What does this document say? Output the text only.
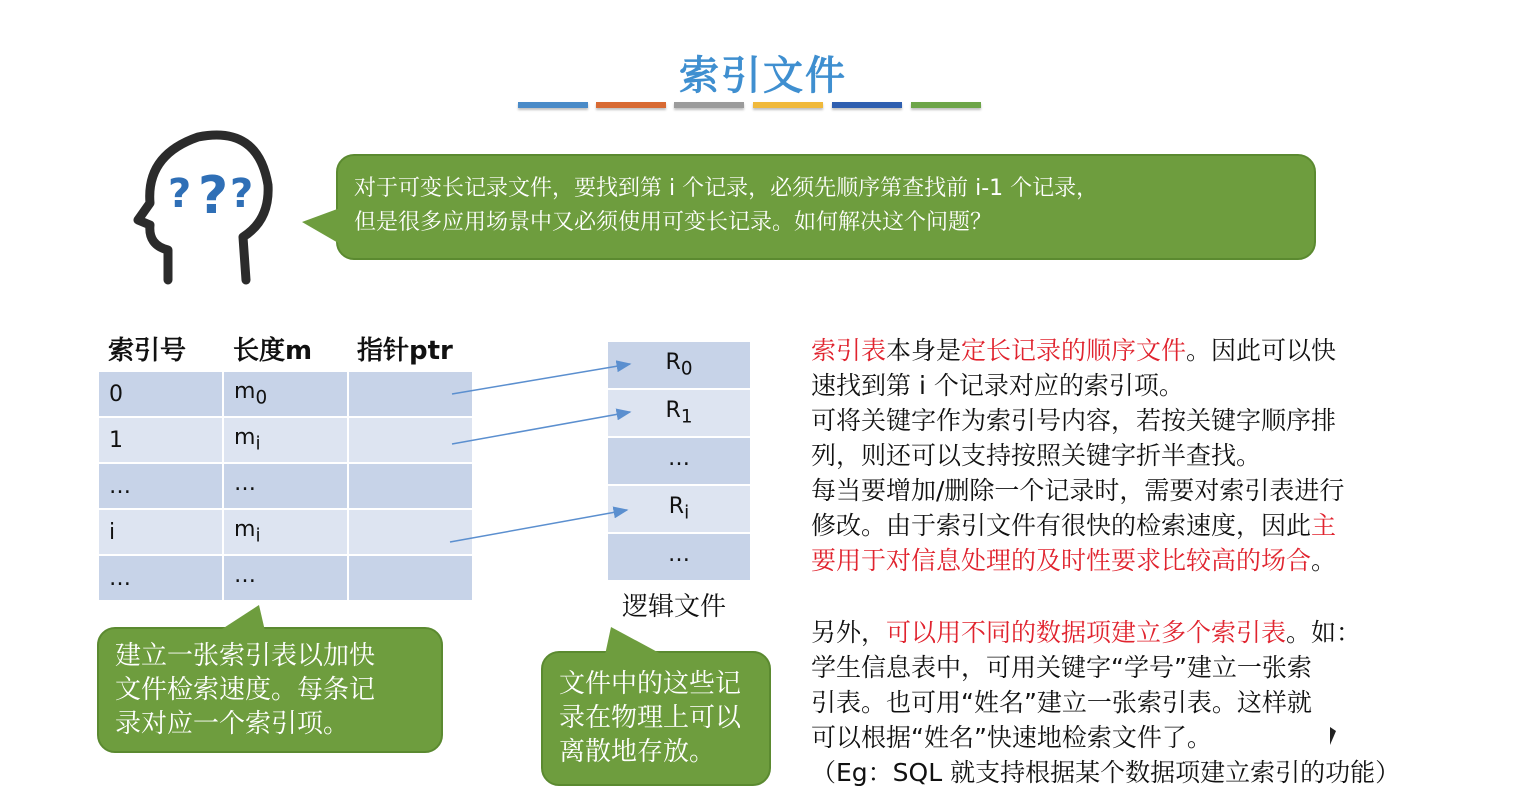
索引文件
? ? ?	对于可变长记录文件，要找到第 i 个记录，必须先顺序第查找前 i-1 个记录，
但是很多应用场景中又必须使用可变长记录。如何解决这个问题？
索引号 长度m 指针ptr
0	$m_0$	
1	$m_i$	
…	…	
i	$m_i$	
…	…	
$R_0$
$R_1$
…
$R_i$
…
逻辑文件
建立一张索引表以加快
文件检索速度。每条记
录对应一个索引项。
文件中的这些记
录在物理上可以
离散地存放。
索引表本身是定长记录的顺序文件。因此可以快
速找到第 i 个记录对应的索引项。
可将关键字作为索引号内容，若按关键字顺序排
列，则还可以支持按照关键字折半查找。
每当要增加/删除一个记录时，需要对索引表进行
修改。由于索引文件有很快的检索速度，因此主
要用于对信息处理的及时性要求比较高的场合。
另外，可以用不同的数据项建立多个索引表。如：
学生信息表中，可用关键字“学号”建立一张索
引表。也可用“姓名”建立一张索引表。这样就
可以根据“姓名”快速地检索文件了。
（Eg：SQL 就支持根据某个数据项建立索引的功能）
